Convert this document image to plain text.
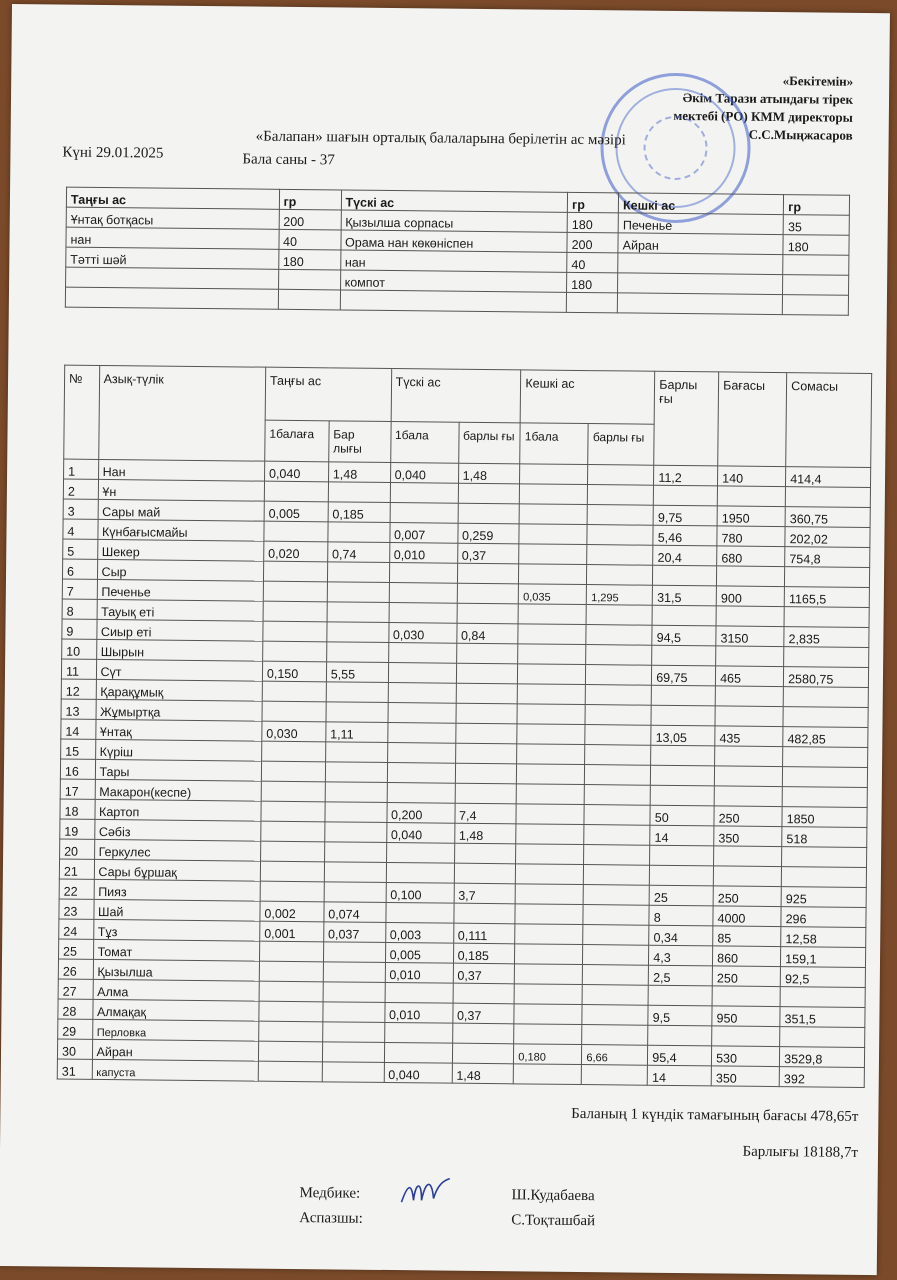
«Бекітемін»
Әкім Тарази атындағы тірек
мектебі (РО) КММ директоры
С.С.Мыңжасаров
«Балапан» шағын орталық балаларына берілетін ас мәзірі
Күні 29.01.2025	Бала саны - 37
Таңғы ас	гр	Түскі ас	гр	Кешкі ас	гр
Ұнтақ ботқасы	200	Қызылша сорпасы	180	Печенье	35
нан	40	Орама нан көкөніспен	200	Айран	180
Тәтті шәй	180	нан	40		
		компот	180		

№	Азық-түлік	Таңғы ас		Түскі ас		Кешкі ас		Барлы ғы	Бағасы	Сомасы
		1балаға	Бар лығы	1бала	барлы ғы	1бала	барлы ғы			
1	Нан	0,040	1,48	0,040	1,48			11,2	140	414,4
2	Ұн									
3	Сары май	0,005	0,185					9,75	1950	360,75
4	Күнбағысмайы			0,007	0,259			5,46	780	202,02
5	Шекер	0,020	0,74	0,010	0,37			20,4	680	754,8
6	Сыр									
7	Печенье					0,035	1,295	31,5	900	1165,5
8	Тауық еті									
9	Сиыр еті			0,030	0,84			94,5	3150	2,835
10	Шырын									
11	Сүт	0,150	5,55					69,75	465	2580,75
12	Қарақұмық									
13	Жұмыртқа									
14	Ұнтақ	0,030	1,11					13,05	435	482,85
15	Күріш									
16	Тары									
17	Макарон(кеспе)									
18	Картоп			0,200	7,4			50	250	1850
19	Сәбіз			0,040	1,48			14	350	518
20	Геркулес									
21	Сары бұршақ									
22	Пияз			0,100	3,7			25	250	925
23	Шай	0,002	0,074					8	4000	296
24	Тұз	0,001	0,037	0,003	0,111			0,34	85	12,58
25	Томат			0,005	0,185			4,3	860	159,1
26	Қызылша			0,010	0,37			2,5	250	92,5
27	Алма									
28	Алмақақ			0,010	0,37			9,5	950	351,5
29	Перловка									
30	Айран					0,180	6,66	95,4	530	3529,8
31	капуста			0,040	1,48			14	350	392
Баланың 1 күндік тамағының бағасы 478,65т
Барлығы 18188,7т
Медбике:	Ш.Кудабаева
Аспазшы:	С.Тоқташбай
